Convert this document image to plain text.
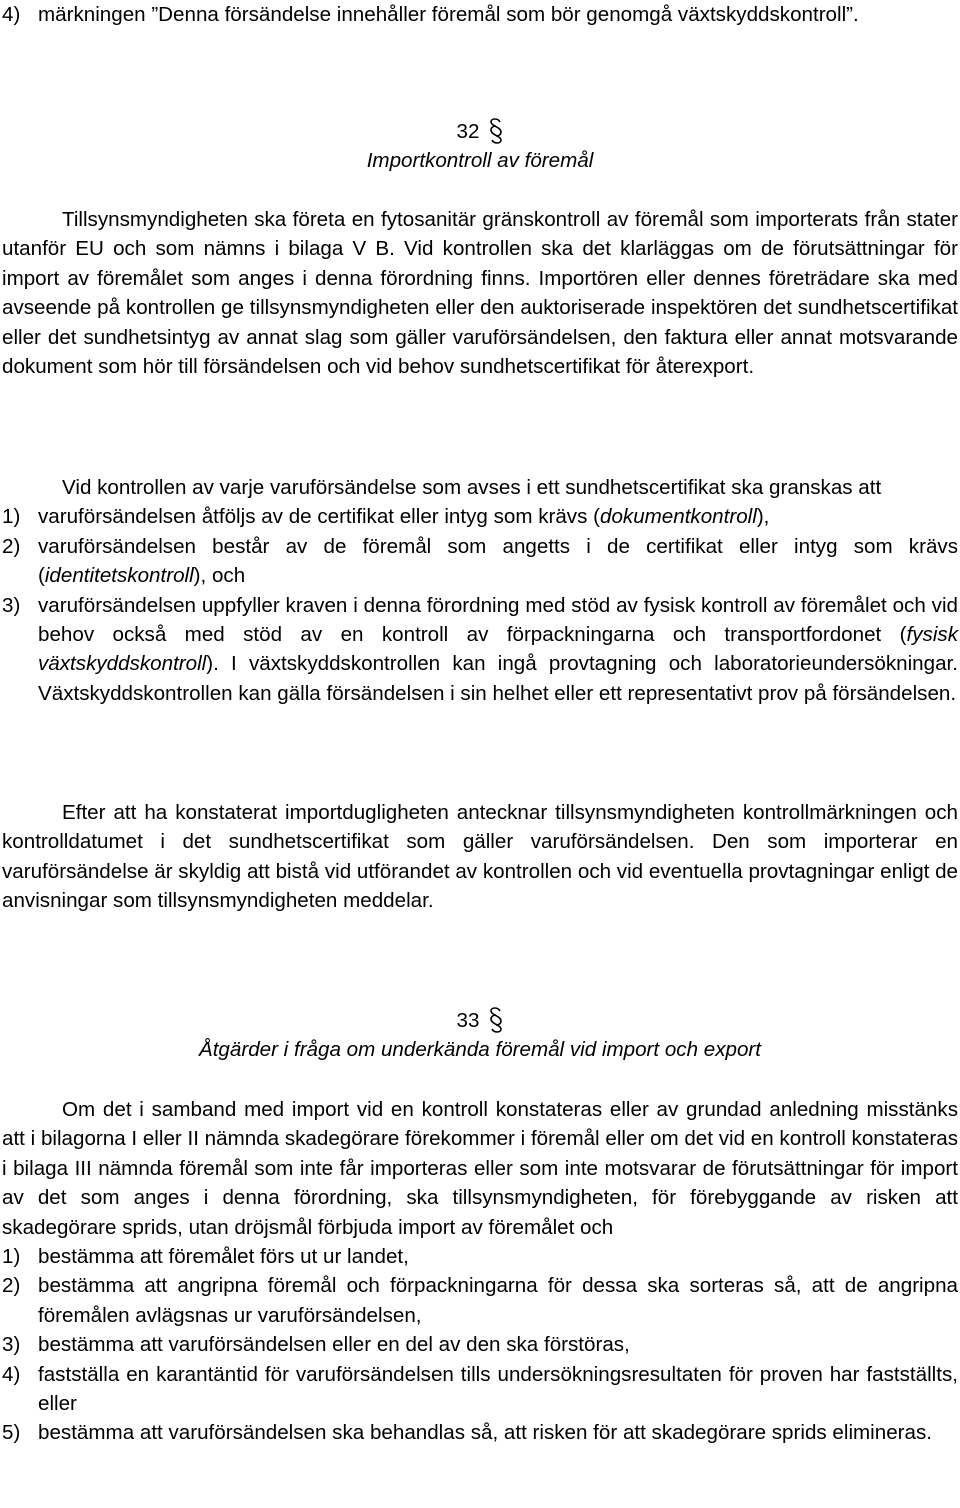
4) märkningen ”Denna försändelse innehåller föremål som bör genomgå växtskyddskontroll”.
32
Importkontroll av föremål

Tillsynsmyndigheten ska företa en fytosanitär gränskontroll av föremål som importerats från stater utanför EU och som nämns i bilaga V B. Vid kontrollen ska det klarläggas om de förutsättningar för import av föremålet som anges i denna förordning finns. Importören eller dennes företrädare ska med avseende på kontrollen ge tillsynsmyndigheten eller den auktoriserade inspektören det sundhetscertifikat eller det sundhetsintyg av annat slag som gäller varuförsändelsen, den faktura eller annat motsvarande dokument som hör till försändelsen och vid behov sundhetscertifikat för återexport.

Vid kontrollen av varje varuförsändelse som avses i ett sundhetscertifikat ska granskas att

1) varuförsändelsen åtföljs av de certifikat eller intyg som krävs (dokumentkontroll),
2) varuförsändelsen består av de föremål som angetts i de certifikat eller intyg som krävs (identitetskontroll), och
3) varuförsändelsen uppfyller kraven i denna förordning med stöd av fysisk kontroll av föremålet och vid behov också med stöd av en kontroll av förpackningarna och transportfordonet (fysisk växtskyddskontroll). I växtskyddskontrollen kan ingå provtagning och laboratorieundersökningar. Växtskyddskontrollen kan gälla försändelsen i sin helhet eller ett representativt prov på försändelsen.

Efter att ha konstaterat importdugligheten antecknar tillsynsmyndigheten kontrollmärkningen och kontrolldatumet i det sundhetscertifikat som gäller varuförsändelsen. Den som importerar en varuförsändelse är skyldig att bistå vid utförandet av kontrollen och vid eventuella provtagningar enligt de anvisningar som tillsynsmyndigheten meddelar.

33
Åtgärder i fråga om underkända föremål vid import och export

Om det i samband med import vid en kontroll konstateras eller av grundad anledning misstänks att i bilagorna I eller II nämnda skadegörare förekommer i föremål eller om det vid en kontroll konstateras i bilaga III nämnda föremål som inte får importeras eller som inte motsvarar de förutsättningar för import av det som anges i denna förordning, ska tillsynsmyndigheten, för förebyggande av risken att skadegörare sprids, utan dröjsmål förbjuda import av föremålet och

1) bestämma att föremålet förs ut ur landet,
2) bestämma att angripna föremål och förpackningarna för dessa ska sorteras så, att de angripna föremålen avlägsnas ur varuförsändelsen,
3) bestämma att varuförsändelsen eller en del av den ska förstöras,
4) fastställa en karantäntid för varuförsändelsen tills undersökningsresultaten för proven har fastställts, eller
5) bestämma att varuförsändelsen ska behandlas så, att risken för att skadegörare sprids elimineras.
